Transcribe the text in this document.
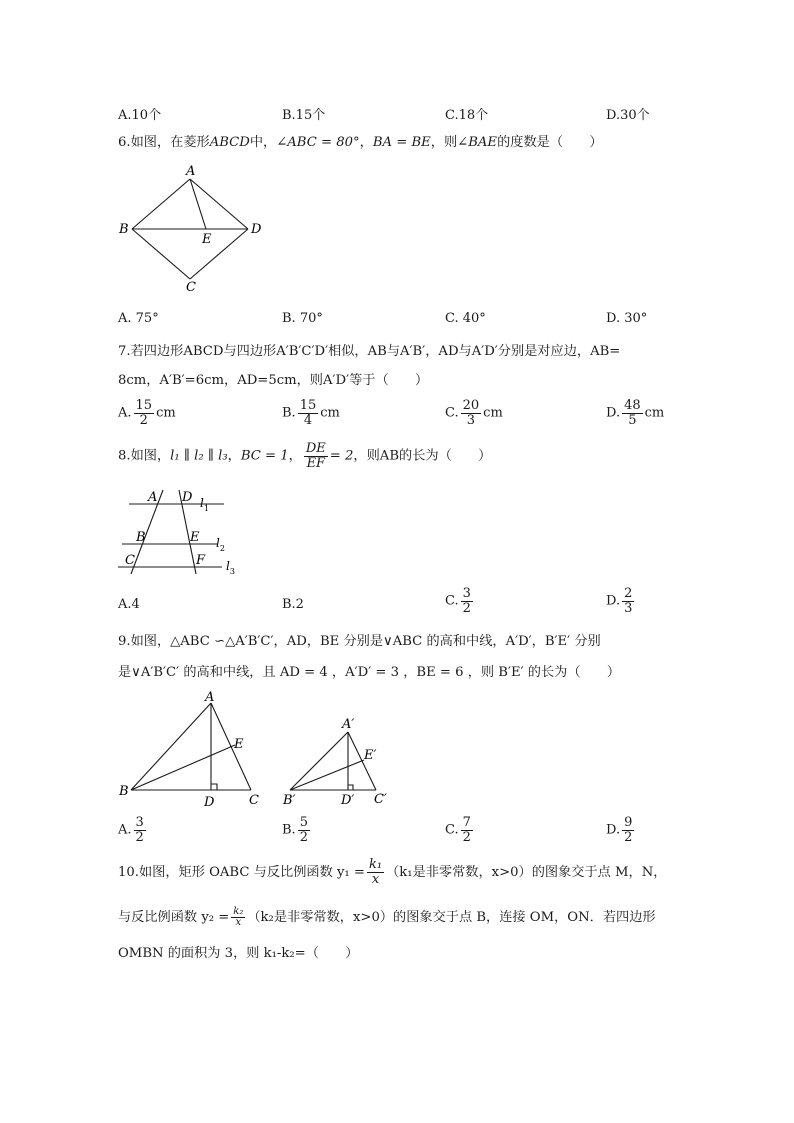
A.10个	B.15个	C.18个	D.30个
6.如图，在菱形ABCD中，∠ABC = 80°，BA = BE，则∠BAE的度数是（　　）
A
B	D
E
C
A. 75°	B. 70°	C. 40°	D. 30°
7.若四边形ABCD与四边形A′B′C′D′相似，AB与A′B′，AD与A′D′分别是对应边，AB=
8cm，A′B′=6cm，AD=5cm，则A′D′等于（　　）
A. $\frac{15}{2}$ cm	B. $\frac{15}{4}$ cm	C. $\frac{20}{3}$ cm	D. $\frac{48}{5}$ cm
8.如图，l₁ ∥ l₂ ∥ l₃，BC = 1， $\frac{DE}{EF} = 2$，则AB的长为（　　）
A D $l_1$
B	E $l_2$
C	F $l_3$
A.4	B.2	C. $\frac{3}{2}$	D. $\frac{2}{3}$
9.如图，△ABC ∽△A′B′C′，AD，BE 分别是∨ABC 的高和中线，A′D′，B′E′ 分别
是∨A′B′C′ 的高和中线，且 AD = 4 ，A′D′ = 3 ，BE = 6 ，则 B′E′ 的长为（　　）
A
E
B
D	C
A′
E′
B′	D′ C′
A. $\frac{3}{2}$	B. $\frac{5}{2}$	C. $\frac{7}{2}$	D. $\frac{9}{2}$
10.如图，矩形 OABC 与反比例函数 $y_1 = \frac{\text{k₁}}{x} (k_1$是非零常数，x>0）的图象交于点 M，N，
与反比例函数 $y_2 = \frac{\text{k₂}}{x} (k_2$是非零常数，x>0）的图象交于点 B，连接 OM，ON．若四边形
OMBN 的面积为 3，则 k₁-k₂=（　　）
